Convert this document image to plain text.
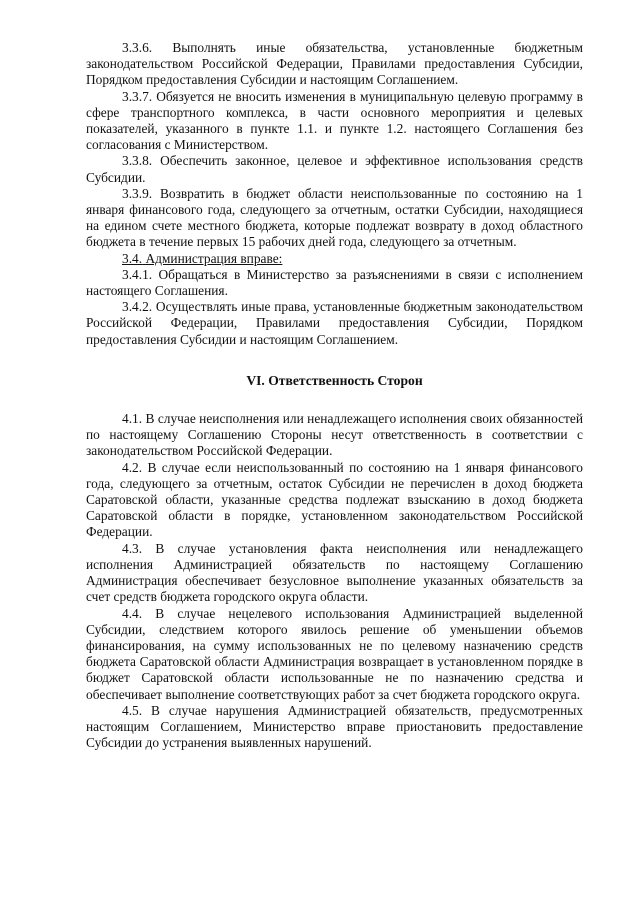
3.3.6. Выполнять иные обязательства, установленные бюджетным законодательством Российской Федерации, Правилами предоставления Субсидии, Порядком предоставления Субсидии и настоящим Соглашением.

3.3.7. Обязуется не вносить изменения в муниципальную целевую программу в сфере транспортного комплекса, в части основного мероприятия и целевых показателей, указанного в пункте 1.1. и пункте 1.2. настоящего Соглашения без согласования с Министерством.

3.3.8. Обеспечить законное, целевое и эффективное использования средств Субсидии.

3.3.9. Возвратить в бюджет области неиспользованные по состоянию на 1 января финансового года, следующего за отчетным, остатки Субсидии, находящиеся на едином счете местного бюджета, которые подлежат возврату в доход областного бюджета в течение первых 15 рабочих дней года, следующего за отчетным.

3.4. Администрация вправе:

3.4.1. Обращаться в Министерство за разъяснениями в связи с исполнением настоящего Соглашения.

3.4.2. Осуществлять иные права, установленные бюджетным законодательством Российской Федерации, Правилами предоставления Субсидии, Порядком предоставления Субсидии и настоящим Соглашением.

VI. Ответственность Сторон

4.1. В случае неисполнения или ненадлежащего исполнения своих обязанностей по настоящему Соглашению Стороны несут ответственность в соответствии с законодательством Российской Федерации.

4.2. В случае если неиспользованный по состоянию на 1 января финансового года, следующего за отчетным, остаток Субсидии не перечислен в доход бюджета Саратовской области, указанные средства подлежат взысканию в доход бюджета Саратовской области в порядке, установленном законодательством Российской Федерации.

4.3. В случае установления факта неисполнения или ненадлежащего исполнения Администрацией обязательств по настоящему Соглашению Администрация обеспечивает безусловное выполнение указанных обязательств за счет средств бюджета городского округа области.

4.4. В случае нецелевого использования Администрацией выделенной Субсидии, следствием которого явилось решение об уменьшении объемов финансирования, на сумму использованных не по целевому назначению средств бюджета Саратовской области Администрация возвращает в установленном порядке в бюджет Саратовской области использованные не по назначению средства и обеспечивает выполнение соответствующих работ за счет бюджета городского округа.

4.5. В случае нарушения Администрацией обязательств, предусмотренных настоящим Соглашением, Министерство вправе приостановить предоставление Субсидии до устранения выявленных нарушений.
